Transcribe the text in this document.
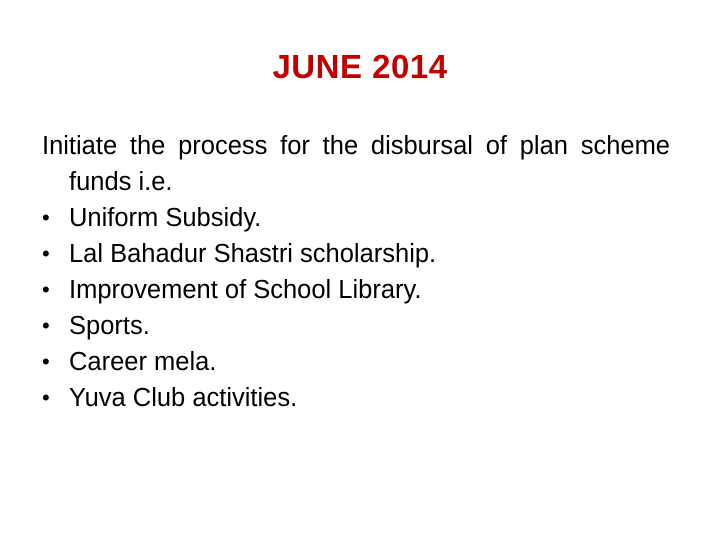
JUNE 2014

Initiate the process for the disbursal of plan scheme funds i.e.

• Uniform Subsidy.
• Lal Bahadur Shastri scholarship.
• Improvement of School Library.
• Sports.
• Career mela.
• Yuva Club activities.
